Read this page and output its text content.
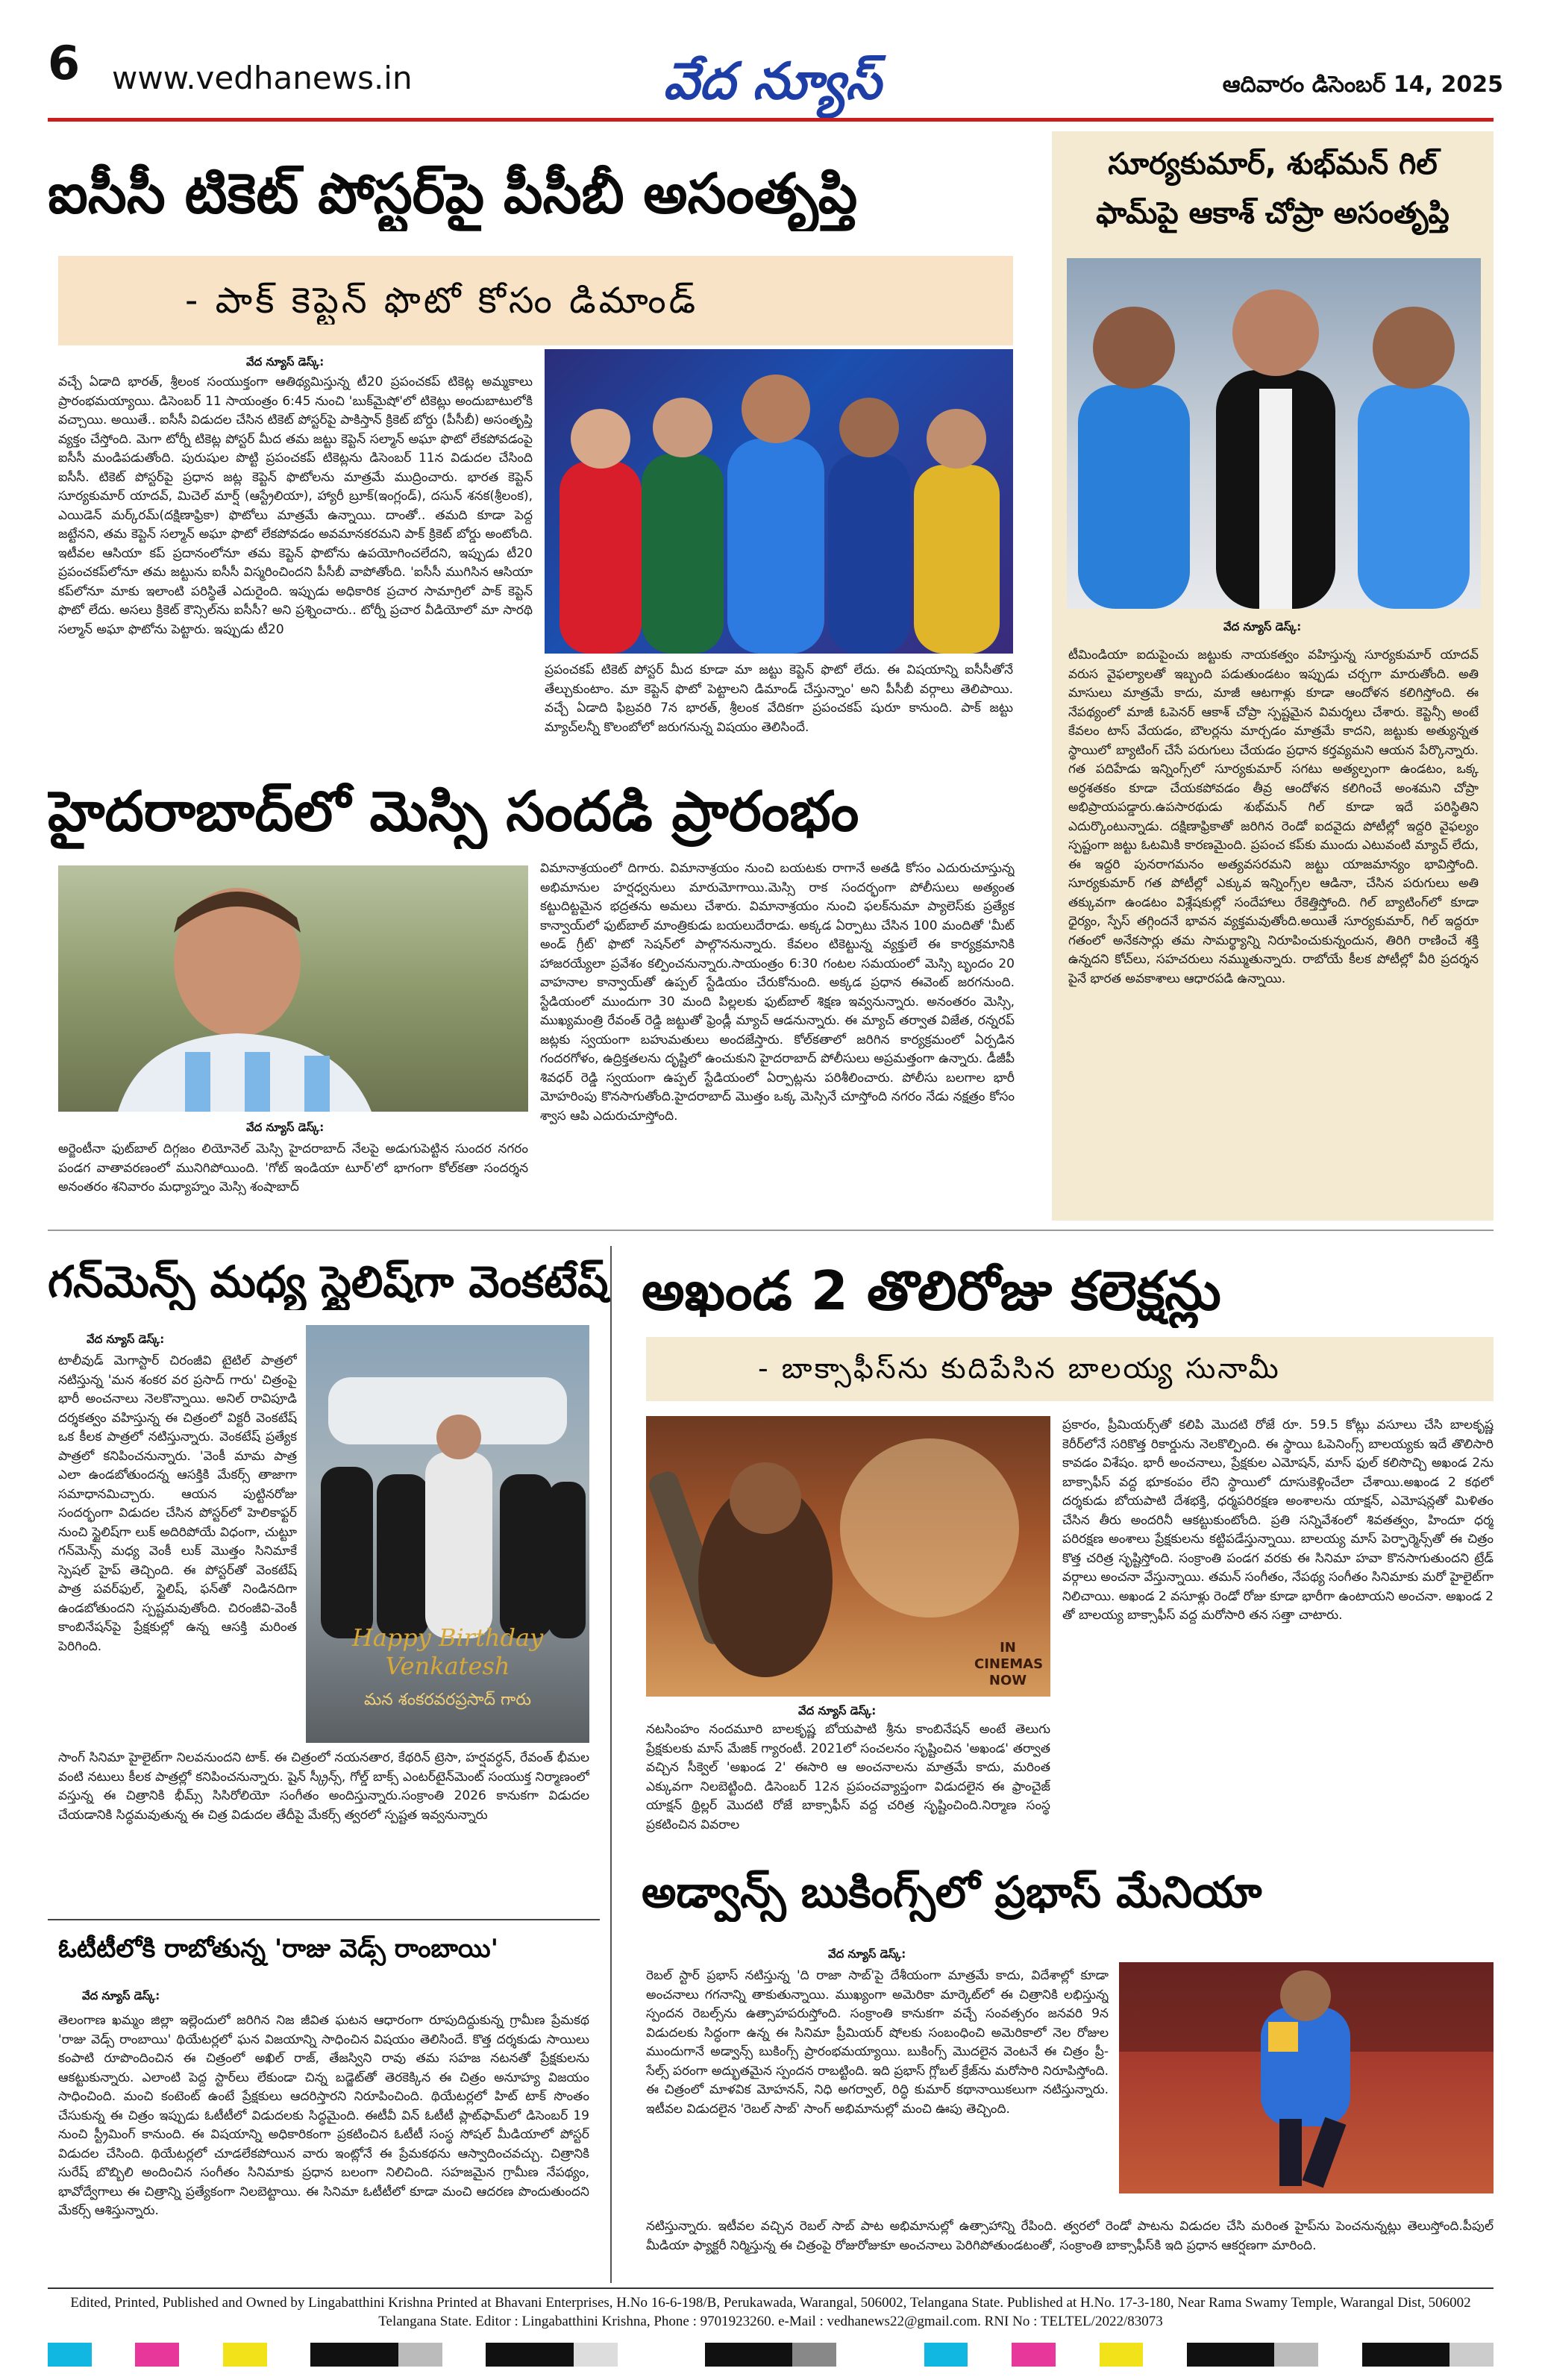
6 www.vedhanews.in	వేద న్యూస్	ఆదివారం డిసెంబర్ 14, 2025
ఐసీసీ టికెట్ పోస్టర్‌పై పీసీబీ అసంతృప్తి
- పాక్ కెప్టెన్ ఫొటో కోసం డిమాండ్
వేద న్యూస్ డెస్క్:
వచ్చే ఏడాది భారత్, శ్రీలంక సంయుక్తంగా ఆతిథ్యమిస్తున్న టీ20 ప్రపంచకప్ టికెట్ల అమ్మకాలు ప్రారంభమయ్యాయి. డిసెంబర్ 11 సాయంత్రం 6:45 నుంచి 'బుక్‌మైషో'లో టికెట్లు అందుబాటులోకి వచ్చాయి. అయితే.. ఐసీసీ విడుదల చేసిన టికెట్ పోస్టర్‌పై పాకిస్తాన్ క్రికెట్ బోర్డు (పీసీబీ) అసంతృప్తి వ్యక్తం చేస్తోంది. మెగా టోర్నీ టికెట్ల పోస్టర్ మీద తమ జట్టు కెప్టెన్ సల్మాన్ అఘా ఫొటో లేకపోవడంపై ఐసీసీ మండిపడుతోంది. పురుషుల పొట్టి ప్రపంచకప్ టికెట్లను డిసెంబర్ 11న విడుదల చేసింది ఐసీసీ. టికెట్ పోస్టర్‌పై ప్రధాన జట్ల కెప్టెన్ ఫొటోలను మాత్రమే ముద్రించారు. భారత కెప్టెన్ సూర్యకుమార్ యాదవ్, మిచెల్ మార్ష్ (ఆస్ట్రేలియా), హ్యారీ బ్రూక్(ఇంగ్లండ్), దసున్ శనక(శ్రీలంక), ఎయిడెన్ మర్క్‌రమ్(దక్షిణాఫ్రికా) ఫొటోలు మాత్రమే ఉన్నాయి. దాంతో.. తమది కూడా పెద్ద జట్టేనని, తమ కెప్టెన్ సల్మాన్ అఘా ఫొటో లేకపోవడం అవమానకరమని పాక్ క్రికెట్ బోర్డు అంటోంది. ఇటీవల ఆసియా కప్ ప్రదానంలోనూ తమ కెప్టెన్ ఫొటోను ఉపయోగించలేదని, ఇప్పుడు టీ20 ప్రపంచకప్‌లోనూ తమ జట్టును ఐసీసీ విస్మరించిందని పీసీబీ వాపోతోంది. 'ఐసీసీ ముగిసిన ఆసియా కప్‌లోనూ మాకు ఇలాంటి పరిస్థితే ఎదురైంది. ఇప్పుడు అధికారిక ప్రచార సామాగ్రిలో పాక్ కెప్టెన్ ఫొటో లేదు. అసలు క్రికెట్ కౌన్సిల్‌ను ఐసీసీ? అని ప్రశ్నించారు.. టోర్నీ ప్రచార వీడియోలో మా సారథి సల్మాన్ అఘా ఫొటోను పెట్టారు. ఇప్పుడు టీ20
ప్రపంచకప్ టికెట్ పోస్టర్ మీద కూడా మా జట్టు కెప్టెన్ ఫొటో లేదు. ఈ విషయాన్ని ఐసీసీతోనే తేల్చుకుంటాం. మా కెప్టెన్ ఫొటో పెట్టాలని డిమాండ్ చేస్తున్నాం' అని పీసీబీ వర్గాలు తెలిపాయి. వచ్చే ఏడాది ఫిబ్రవరి 7న భారత్, శ్రీలంక వేదికగా ప్రపంచకప్ షురూ కానుంది. పాక్ జట్టు మ్యాచ్‌లన్నీ కొలంబోలో జరుగనున్న విషయం తెలిసిందే.
సూర్యకుమార్, శుభ్‌మన్ గిల్
ఫామ్‌పై ఆకాశ్ చోప్రా అసంతృప్తి
వేద న్యూస్ డెస్క్:
టీమిండియా ఐదుపైంచు జట్టుకు నాయకత్వం వహిస్తున్న సూర్యకుమార్ యాదవ్ వరుస వైఫల్యాలతో ఇబ్బంది పడుతుండటం ఇప్పుడు చర్చగా మారుతోంది. అతి మాసులు మాత్రమే కాదు, మాజీ ఆటగాళ్లు కూడా ఆందోళన కలిగిస్తోంది. ఈ నేపథ్యంలో మాజీ ఓపెనర్ ఆకాశ్ చోప్రా స్పష్టమైన విమర్శలు చేశారు. కెప్టెన్సీ అంటే కేవలం టాస్ వేయడం, బౌలర్లను మార్చడం మాత్రమే కాదని, జట్టుకు అత్యున్నత స్థాయిలో బ్యాటింగ్ చేసే పరుగులు చేయడం ప్రధాన కర్తవ్యమని ఆయన పేర్కొన్నారు. గత పదిహేడు ఇన్నింగ్స్‌లో సూర్యకుమార్ సగటు అత్యల్పంగా ఉండటం, ఒక్క అర్ధశతకం కూడా చేయకపోవడం తీవ్ర ఆందోళన కలిగించే అంశమని చోప్రా అభిప్రాయపడ్డారు.ఉపసారథుడు శుభ్‌మన్ గిల్ కూడా ఇదే పరిస్థితిని ఎదుర్కొంటున్నాడు. దక్షిణాఫ్రికాతో జరిగిన రెండో ఐదవైదు పోటీల్లో ఇద్దరి వైఫల్యం స్పష్టంగా జట్టు ఓటమికి కారణమైంది. ప్రపంచ కప్‌కు ముందు ఎటువంటి మ్యాచ్ లేదు, ఈ ఇద్దరి పునరాగమనం అత్యవసరమని జట్టు యాజమాన్యం భావిస్తోంది. సూర్యకుమార్ గత పోటీల్లో ఎక్కువ ఇన్నింగ్స్‌ల ఆడినా, చేసిన పరుగులు అతి తక్కువగా ఉండటం విశ్లేషకుల్లో సందేహాలు రేకెత్తిస్తోంది. గిల్ బ్యాటింగ్‌లో కూడా ధైర్యం, స్పేస్ తగ్గిందనే భావన వ్యక్తమవుతోంది.అయితే సూర్యకుమార్, గిల్ ఇద్దరూ గతంలో అనేకసార్లు తమ సామర్థ్యాన్ని నిరూపించుకున్నందున, తిరిగి రాణించే శక్తి ఉన్నదని కోచ్‌లు, సహచరులు నమ్ముతున్నారు. రాబోయే కీలక పోటీల్లో వీరి ప్రదర్శన పైనే భారత అవకాశాలు ఆధారపడి ఉన్నాయి.
హైదరాబాద్‌లో మెస్సి సందడి ప్రారంభం
వేద న్యూస్ డెస్క్:
అర్జెంటీనా ఫుట్‌బాల్ దిగ్గజం లియోనెల్ మెస్సి హైదరాబాద్ నేలపై అడుగుపెట్టిన సుందర నగరం పండగ వాతావరణంలో మునిగిపోయింది. 'గోట్ ఇండియా టూర్'లో భాగంగా కోల్‌కతా సందర్శన అనంతరం శనివారం మధ్యాహ్నం మెస్సి శంషాబాద్
విమానాశ్రయంలో దిగారు. విమానాశ్రయం నుంచి బయటకు రాగానే అతడి కోసం ఎదురుచూస్తున్న అభిమానుల హర్షధ్వనులు మారుమోగాయి.మెస్సి రాక సందర్భంగా పోలీసులు అత్యంత కట్టుదిట్టమైన భద్రతను అమలు చేశారు. విమానాశ్రయం నుంచి ఫలక్‌నుమా ప్యాలెస్‌కు ప్రత్యేక కాన్వాయ్‌లో ఫుట్‌బాల్ మాంత్రికుడు బయలుదేరాడు. అక్కడ ఏర్పాటు చేసిన 100 మందితో 'మీట్ అండ్ గ్రీట్' ఫొటో సెషన్‌లో పాల్గొననున్నారు. కేవలం టికెట్టున్న వ్యక్తులే ఈ కార్యక్రమానికి హాజరయ్యేలా ప్రవేశం కల్పించనున్నారు.సాయంత్రం 6:30 గంటల సమయంలో మెస్సి బృందం 20 వాహనాల కాన్వాయ్‌తో ఉప్పల్ స్టేడియం చేరుకోనుంది. అక్కడ ప్రధాన ఈవెంట్ జరగనుంది. స్టేడియంలో ముందుగా 30 మంది పిల్లలకు ఫుట్‌బాల్ శిక్షణ ఇవ్వనున్నారు. అనంతరం మెస్సి, ముఖ్యమంత్రి రేవంత్ రెడ్డి జట్టుతో ఫ్రెండ్లీ మ్యాచ్ ఆడనున్నారు. ఈ మ్యాచ్ తర్వాత విజేత, రన్నరప్ జట్లకు స్వయంగా బహుమతులు అందజేస్తారు. కోల్‌కతాలో జరిగిన కార్యక్రమంలో ఏర్పడిన గందరగోళం, ఉద్రిక్తతలను దృష్టిలో ఉంచుకుని హైదరాబాద్ పోలీసులు అప్రమత్తంగా ఉన్నారు. డీజీపీ శివధర్ రెడ్డి స్వయంగా ఉప్పల్ స్టేడియంలో ఏర్పాట్లను పరిశీలించారు. పోలీసు బలగాల భారీ మోహరింపు కొనసాగుతోంది.హైదరాబాద్ మొత్తం ఒక్క మెస్సినే చూస్తోంది నగరం నేడు నక్షత్రం కోసం శ్వాస ఆపి ఎదురుచూస్తోంది.
గన్‌మెన్స్ మధ్య స్టైలిష్‌గా వెంకటేష్
వేద న్యూస్ డెస్క్:
టాలీవుడ్ మెగాస్టార్ చిరంజీవి టైటిల్ పాత్రలో నటిస్తున్న 'మన శంకర వర ప్రసాద్ గారు' చిత్రంపై భారీ అంచనాలు నెలకొన్నాయి. అనిల్ రావిపూడి దర్శకత్వం వహిస్తున్న ఈ చిత్రంలో విక్టరీ వెంకటేష్ ఒక కీలక పాత్రలో నటిస్తున్నారు. వెంకటేష్ ప్రత్యేక పాత్రలో కనిపించనున్నారు. 'వెంకీ మామ పాత్ర ఎలా ఉండబోతుందన్న ఆసక్తికి మేకర్స్ తాజాగా సమాధానమిచ్చారు. ఆయన పుట్టినరోజు సందర్భంగా విడుదల చేసిన పోస్టర్‌లో హెలికాఫ్టర్ నుంచి స్టైలిష్‌గా లుక్ అదిరిపోయే విధంగా, చుట్టూ గన్‌మెన్స్ మధ్య వెంకీ లుక్ మొత్తం సినిమాకే స్పెషల్ హైప్ తెచ్చింది. ఈ పోస్టర్‌తో వెంకటేష్ పాత్ర పవర్‌ఫుల్, స్టైలిష్, ఫన్‌తో నిండినదిగా ఉండబోతుందని స్పష్టమవుతోంది. చిరంజీవి-వెంకీ కాంబినేషన్‌పై ప్రేక్షకుల్లో ఉన్న ఆసక్తి మరింత పెరిగింది.	Happy Birthday Venkatesh
మన శంకరవరప్రసాద్ గారు
సాంగ్ సినిమా హైలైట్‌గా నిలవనుందని టాక్. ఈ చిత్రంలో నయనతార, కేథరిన్ ట్రెసా, హర్షవర్ధన్, రేవంత్ భీమల వంటి నటులు కీలక పాత్రల్లో కనిపించనున్నారు. షైన్ స్క్రీన్స్, గోల్డ్ బాక్స్ ఎంటర్‌టైన్‌మెంట్ సంయుక్త నిర్మాణంలో వస్తున్న ఈ చిత్రానికి భీమ్స్ సిసిరోలియో సంగీతం అందిస్తున్నారు.సంక్రాంతి 2026 కానుకగా విడుదల చేయడానికి సిద్ధమవుతున్న ఈ చిత్ర విడుదల తేదీపై మేకర్స్ త్వరలో స్పష్టత ఇవ్వనున్నారు
ఓటీటీలోకి రాబోతున్న 'రాజు వెడ్స్ రాంబాయి'
వేద న్యూస్ డెస్క్:
తెలంగాణ ఖమ్మం జిల్లా ఇల్లెందులో జరిగిన నిజ జీవిత ఘటన ఆధారంగా రూపుదిద్దుకున్న గ్రామీణ ప్రేమకథ 'రాజు వెడ్స్ రాంబాయి' థియేటర్లలో ఘన విజయాన్ని సాధించిన విషయం తెలిసిందే. కొత్త దర్శకుడు సాయిలు కంపాటి రూపొందించిన ఈ చిత్రంలో అఖిల్ రాజ్, తేజస్విని రావు తమ సహజ నటనతో ప్రేక్షకులను ఆకట్టుకున్నారు. ఎలాంటి పెద్ద స్టార్‌లు లేకుండా చిన్న బడ్జెట్‌తో తెరకెక్కిన ఈ చిత్రం అనూహ్య విజయం సాధించింది. మంచి కంటెంట్ ఉంటే ప్రేక్షకులు ఆదరిస్తారని నిరూపించింది. థియేటర్లలో హిట్ టాక్ సొంతం చేసుకున్న ఈ చిత్రం ఇప్పుడు ఓటీటీలో విడుదలకు సిద్ధమైంది. ఈటీవీ విన్ ఓటీటీ ప్లాట్‌ఫామ్‌లో డిసెంబర్ 19 నుంచి స్ట్రీమింగ్ కానుంది. ఈ విషయాన్ని అధికారికంగా ప్రకటించిన ఓటీటీ సంస్థ సోషల్ మీడియాలో పోస్టర్ విడుదల చేసింది. థియేటర్లలో చూడలేకపోయిన వారు ఇంట్లోనే ఈ ప్రేమకథను ఆస్వాదించవచ్చు. చిత్రానికి సురేష్ బొబ్బిలి అందించిన సంగీతం సినిమాకు ప్రధాన బలంగా నిలిచింది. సహజమైన గ్రామీణ నేపథ్యం, భావోద్వేగాలు ఈ చిత్రాన్ని ప్రత్యేకంగా నిలబెట్టాయి. ఈ సినిమా ఓటీటీలో కూడా మంచి ఆదరణ పొందుతుందని మేకర్స్ ఆశిస్తున్నారు.
అఖండ 2 తొలిరోజు కలెక్షన్లు
- బాక్సాఫీస్‌ను కుదిపేసిన బాలయ్య సునామీ
IN CINEMAS NOW
వేద న్యూస్ డెస్క్:
ప్రకారం, ప్రీమియర్స్‌తో కలిపి మొదటి రోజే రూ. 59.5 కోట్లు వసూలు చేసి బాలకృష్ణ కెరీర్‌లోనే సరికొత్త రికార్డును నెలకొల్పింది. ఈ స్థాయి ఓపెనింగ్స్ బాలయ్యకు ఇదే తొలిసారి కావడం విశేషం. భారీ అంచనాలు, ప్రేక్షకుల ఎమోషన్, మాస్ ఫుల్ కలిసొచ్చి అఖండ 2ను బాక్సాఫీస్ వద్ద భూకంపం లేని స్థాయిలో దూసుకెళ్లించేలా చేశాయి.అఖండ 2 కథలో దర్శకుడు బోయపాటి దేశభక్తి, ధర్మపరిరక్షణ అంశాలను యాక్షన్, ఎమోషన్లతో మిళితం చేసిన తీరు అందరినీ ఆకట్టుకుంటోంది. ప్రతి సన్నివేశంలో శివతత్వం, హిందూ ధర్మ పరిరక్షణ అంశాలు ప్రేక్షకులను కట్టిపడేస్తున్నాయి. బాలయ్య మాస్ పెర్ఫార్మెన్స్‌తో ఈ చిత్రం కొత్త చరిత్ర సృష్టిస్తోంది. సంక్రాంతి పండగ వరకు ఈ సినిమా హవా కొనసాగుతుందని ట్రేడ్ వర్గాలు అంచనా వేస్తున్నాయి. తమన్ సంగీతం, నేపథ్య సంగీతం సినిమాకు మరో హైలైట్‌గా నిలిచాయి. అఖండ 2 వసూళ్లు రెండో రోజు కూడా భారీగా ఉంటాయని అంచనా. అఖండ 2 తో బాలయ్య బాక్సాఫీస్ వద్ద మరోసారి తన సత్తా చాటారు.
నటసింహం నందమూరి బాలకృష్ణ బోయపాటి శ్రీను కాంబినేషన్ అంటే తెలుగు ప్రేక్షకులకు మాస్ మేజిక్ గ్యారంటీ. 2021లో సంచలనం సృష్టించిన 'అఖండ' తర్వాత వచ్చిన సీక్వెల్ 'అఖండ 2' ఈసారి ఆ అంచనాలను మాత్రమే కాదు, మరింత ఎక్కువగా నిలబెట్టింది. డిసెంబర్ 12న ప్రపంచవ్యాప్తంగా విడుదలైన ఈ ఫ్రాంచైజ్ యాక్షన్ థ్రిల్లర్ మొదటి రోజే బాక్సాఫీస్ వద్ద చరిత్ర సృష్టించింది.నిర్మాణ సంస్థ ప్రకటించిన వివరాల
అడ్వాన్స్ బుకింగ్స్‌లో ప్రభాస్ మేనియా
వేద న్యూస్ డెస్క్:
రెబల్ స్టార్ ప్రభాస్ నటిస్తున్న 'ది రాజా సాబ్'పై దేశీయంగా మాత్రమే కాదు, విదేశాల్లో కూడా అంచనాలు గగనాన్ని తాకుతున్నాయి. ముఖ్యంగా అమెరికా మార్కెట్‌లో ఈ చిత్రానికి లభిస్తున్న స్పందన రెబల్స్‌ను ఉత్సాహపరుస్తోంది. సంక్రాంతి కానుకగా వచ్చే సంవత్సరం జనవరి 9న విడుదలకు సిద్ధంగా ఉన్న ఈ సినిమా ప్రీమియర్ షోలకు సంబంధించి అమెరికాలో నెల రోజుల ముందుగానే అడ్వాన్స్ బుకింగ్స్ ప్రారంభమయ్యాయి. బుకింగ్స్ మొదలైన వెంటనే ఈ చిత్రం ప్రీ-సేల్స్ పరంగా అద్భుతమైన స్పందన రాబట్టింది. ఇది ప్రభాస్ గ్లోబల్ క్రేజ్‌ను మరోసారి నిరూపిస్తోంది. ఈ చిత్రంలో మాళవిక మోహనన్, నిధి అగర్వాల్, రిద్ధి కుమార్ కథానాయికలుగా నటిస్తున్నారు. ఇటీవల విడుదలైన 'రెబల్ సాబ్' సాంగ్ అభిమానుల్లో మంచి ఊపు తెచ్చింది.
నటిస్తున్నారు. ఇటీవల వచ్చిన రెబల్ సాబ్ పాట అభిమానుల్లో ఉత్సాహాన్ని రేపింది. త్వరలో రెండో పాటను విడుదల చేసి మరింత హైప్‌ను పెంచనున్నట్లు తెలుస్తోంది.పీపుల్ మీడియా ఫ్యాక్టరీ నిర్మిస్తున్న ఈ చిత్రంపై రోజురోజుకూ అంచనాలు పెరిగిపోతుండటంతో, సంక్రాంతి బాక్సాఫీస్‌కి ఇది ప్రధాన ఆకర్షణగా మారింది.
Edited, Printed, Published and Owned by Lingabatthini Krishna Printed at Bhavani Enterprises, H.No 16-6-198/B, Perukawada, Warangal, 506002, Telangana State. Published at H.No. 17-3-180, Near Rama Swamy Temple, Warangal Dist, 506002 Telangana State. Editor : Lingabatthini Krishna, Phone : 9701923260. e-Mail : vedhanews22@gmail.com. RNI No : TELTEL/2022/83073
